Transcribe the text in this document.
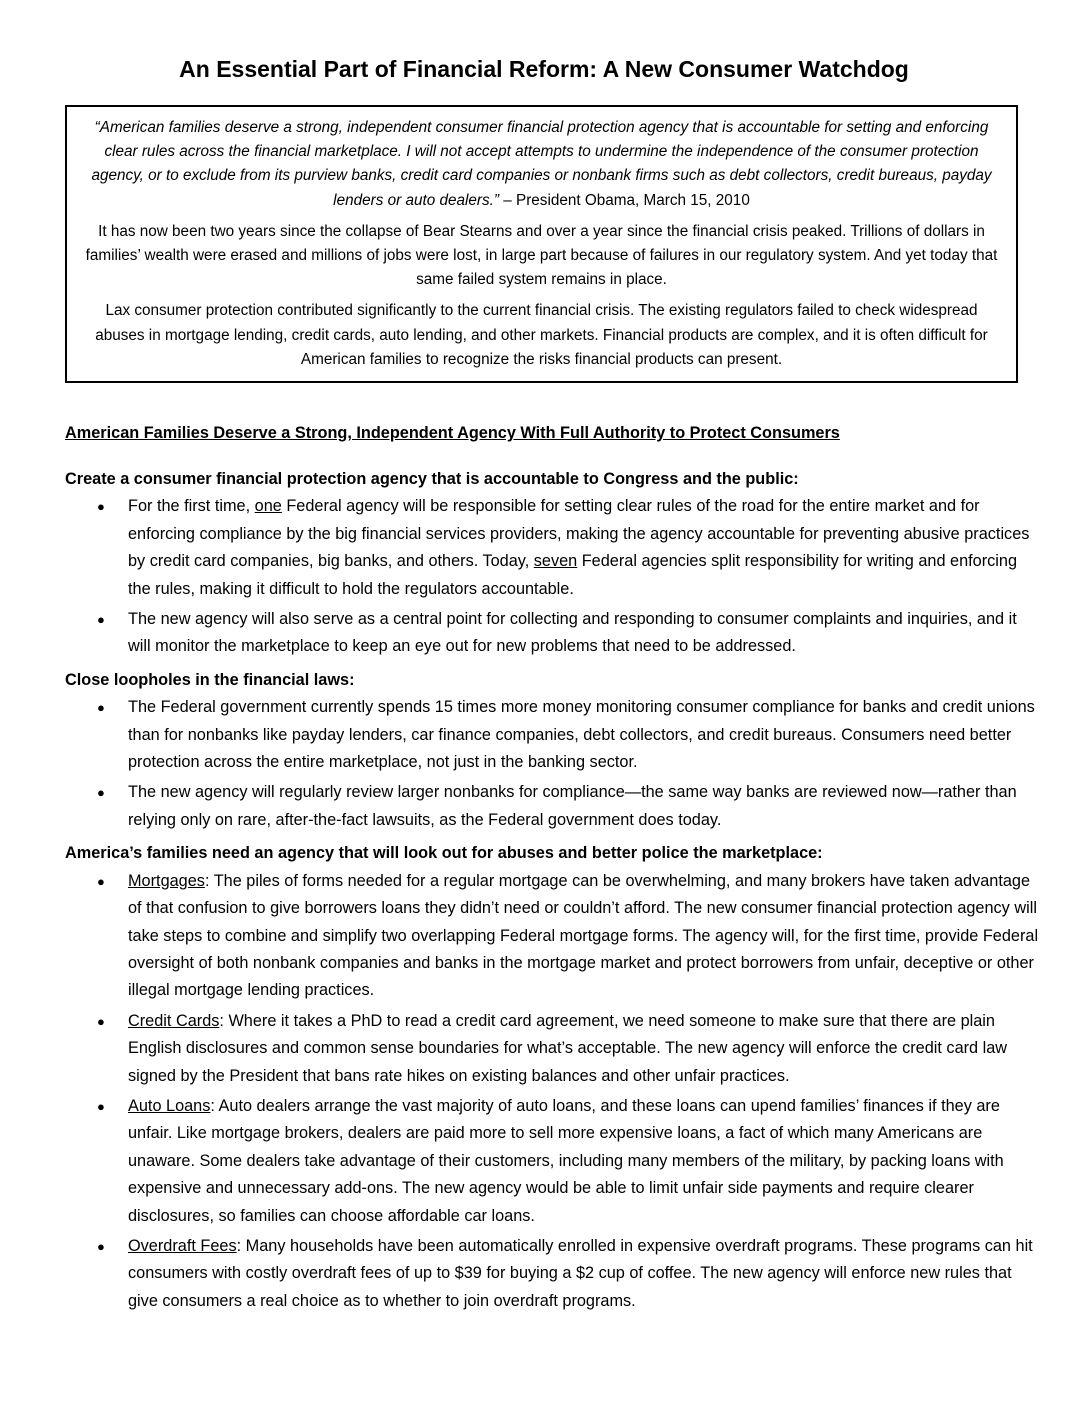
An Essential Part of Financial Reform: A New Consumer Watchdog

“American families deserve a strong, independent consumer financial protection agency that is accountable for setting and enforcing clear rules across the financial marketplace. I will not accept attempts to undermine the independence of the consumer protection agency, or to exclude from its purview banks, credit card companies or nonbank firms such as debt collectors, credit bureaus, payday lenders or auto dealers.” – President Obama, March 15, 2010

It has now been two years since the collapse of Bear Stearns and over a year since the financial crisis peaked. Trillions of dollars in families’ wealth were erased and millions of jobs were lost, in large part because of failures in our regulatory system. And yet today that same failed system remains in place.

Lax consumer protection contributed significantly to the current financial crisis. The existing regulators failed to check widespread abuses in mortgage lending, credit cards, auto lending, and other markets. Financial products are complex, and it is often difficult for American families to recognize the risks financial products can present.

American Families Deserve a Strong, Independent Agency With Full Authority to Protect Consumers
Create a consumer financial protection agency that is accountable to Congress and the public:
● For the first time, one Federal agency will be responsible for setting clear rules of the road for the entire market and for enforcing compliance by the big financial services providers, making the agency accountable for preventing abusive practices by credit card companies, big banks, and others. Today, seven Federal agencies split responsibility for writing and enforcing the rules, making it difficult to hold the regulators accountable.
● The new agency will also serve as a central point for collecting and responding to consumer complaints and inquiries, and it will monitor the marketplace to keep an eye out for new problems that need to be addressed.
Close loopholes in the financial laws:
● The Federal government currently spends 15 times more money monitoring consumer compliance for banks and credit unions than for nonbanks like payday lenders, car finance companies, debt collectors, and credit bureaus. Consumers need better protection across the entire marketplace, not just in the banking sector.
● The new agency will regularly review larger nonbanks for compliance—the same way banks are reviewed now—rather than relying only on rare, after-the-fact lawsuits, as the Federal government does today.
America’s families need an agency that will look out for abuses and better police the marketplace:
● Mortgages: The piles of forms needed for a regular mortgage can be overwhelming, and many brokers have taken advantage of that confusion to give borrowers loans they didn’t need or couldn’t afford. The new consumer financial protection agency will take steps to combine and simplify two overlapping Federal mortgage forms. The agency will, for the first time, provide Federal oversight of both nonbank companies and banks in the mortgage market and protect borrowers from unfair, deceptive or other illegal mortgage lending practices.
● Credit Cards: Where it takes a PhD to read a credit card agreement, we need someone to make sure that there are plain English disclosures and common sense boundaries for what’s acceptable. The new agency will enforce the credit card law signed by the President that bans rate hikes on existing balances and other unfair practices.
● Auto Loans: Auto dealers arrange the vast majority of auto loans, and these loans can upend families’ finances if they are unfair. Like mortgage brokers, dealers are paid more to sell more expensive loans, a fact of which many Americans are unaware. Some dealers take advantage of their customers, including many members of the military, by packing loans with expensive and unnecessary add-ons. The new agency would be able to limit unfair side payments and require clearer disclosures, so families can choose affordable car loans.
● Overdraft Fees: Many households have been automatically enrolled in expensive overdraft programs. These programs can hit consumers with costly overdraft fees of up to $39 for buying a $2 cup of coffee. The new agency will enforce new rules that give consumers a real choice as to whether to join overdraft programs.
